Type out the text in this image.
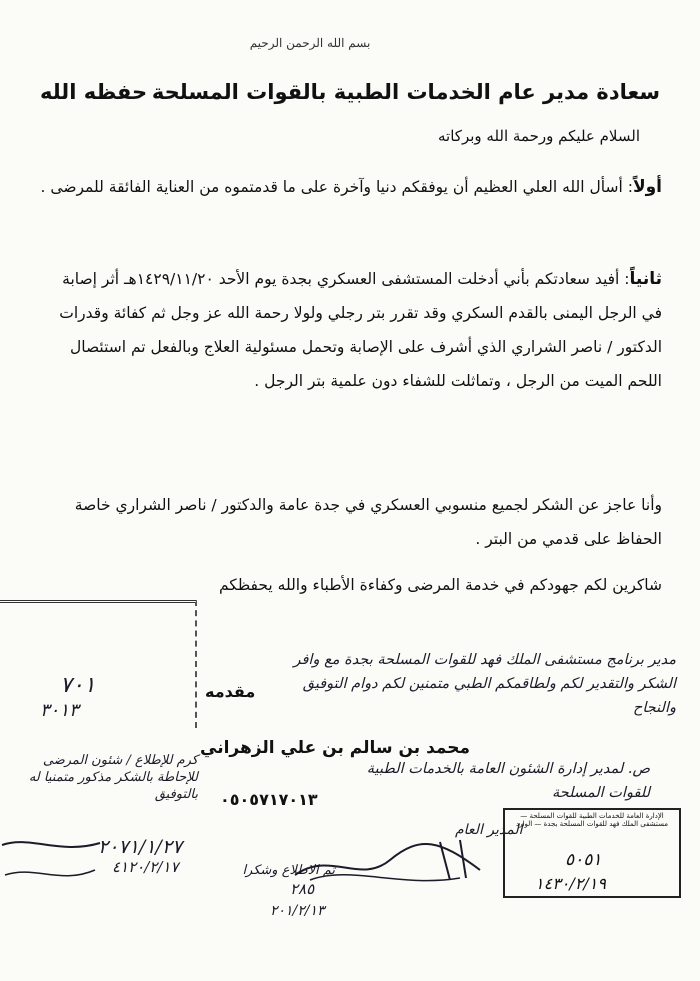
بسم الله الرحمن الرحيم
سعادة مدير عام الخدمات الطبية بالقوات المسلحة
حفظه الله
السلام عليكم ورحمة الله وبركاته
أولاً: أسأل الله العلي العظيم أن يوفقكم دنيا وآخرة على ما قدمتموه من العناية الفائقة للمرضى .
ثانياً: أفيد سعادتكم بأني أدخلت المستشفى العسكري بجدة يوم الأحد ١٤٢٩/١١/٢٠هـ أثر إصابة في الرجل اليمنى بالقدم السكري وقد تقرر بتر رجلي ولولا رحمة الله عز وجل ثم كفائة وقدرات الدكتور / ناصر الشراري الذي أشرف على الإصابة وتحمل مسئولية العلاج وبالفعل تم استئصال اللحم الميت من الرجل ، وتماثلت للشفاء دون علمية بتر الرجل .
وأنا عاجز عن الشكر لجميع منسوبي العسكري في جدة عامة والدكتور / ناصر الشراري خاصة الحفاظ على قدمي من البتر .
شاكرين لكم جهودكم في خدمة المرضى وكفاءة الأطباء والله يحفظكم
٧٠١
٣٠١٣
مقدمه
محمد بن سالم بن علي الزهراني
٠٥٠٥٧١٧٠١٣
مدير برنامج مستشفى الملك فهد للقوات المسلحة بجدة مع وافر الشكر والتقدير لكم ولطاقمكم الطبي متمنين لكم دوام التوفيق والنجاح
ص. لمدير إدارة الشئون العامة بالخدمات الطبية للقوات المسلحة
كرم للإطلاع / شئون المرضى للإحاطة بالشكر مذكور متمنيا له بالتوفيق
٢٠٧١/١/٢٧
٤١٢٠/٢/١٧
المدير العام
تم الاطلاع وشكرا
٢٨٥
٢٠١/٢/١٣
الإدارة العامة للخدمات الطبية للقوات المسلحة — مستشفى الملك فهد للقوات المسلحة بجدة — الوارد
٥٠٥١
١٤٣٠/٢/١٩
